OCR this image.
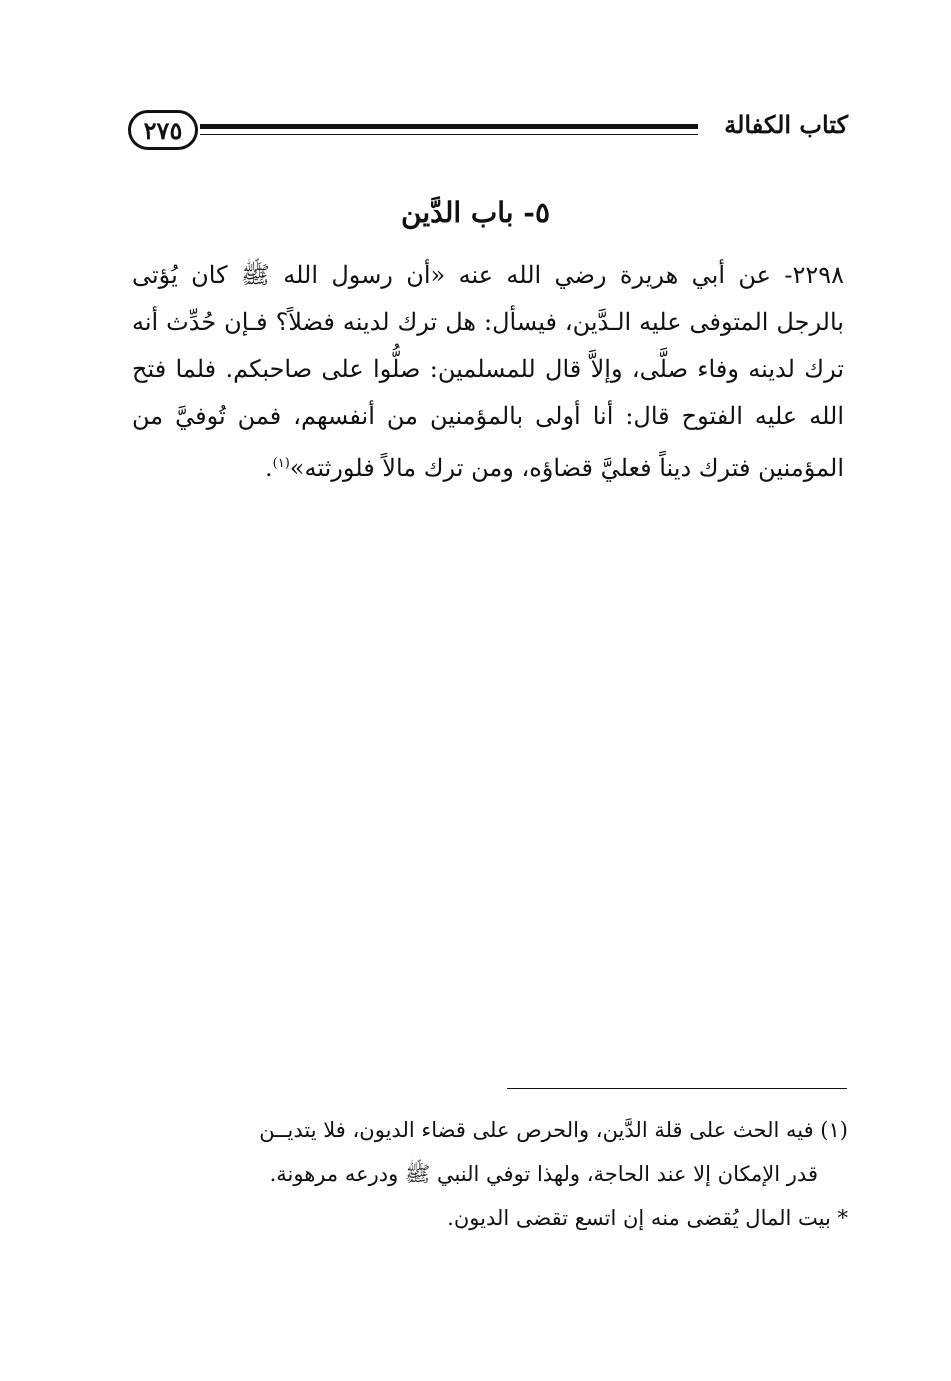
٢٧٥	كتاب الكفالة
٥- باب الدَّين
٢٢٩٨- عن أبي هريرة رضي الله عنه «أن رسول الله ﷺ كان يُؤتى بالرجل المتوفى عليه الـدَّين، فيسأل: هل ترك لدينه فضلاً؟ فـإن حُدِّث أنه ترك لدينه وفاء صلَّى، وإلاَّ قال للمسلمين: صلُّوا على صاحبكم. فلما فتح الله عليه الفتوح قال: أنا أولى بالمؤمنين من أنفسهم، فمن تُوفيَّ من المؤمنين فترك ديناً فعليَّ قضاؤه، ومن ترك مالاً فلورثته»$^{(١)}$.
(١) فيه الحث على قلة الدَّين، والحرص على قضاء الديون، فلا يتديــن
قدر الإمكان إلا عند الحاجة، ولهذا توفي النبي ﷺ ودرعه مرهونة.
* بيت المال يُقضى منه إن اتسع تقضى الديون.
